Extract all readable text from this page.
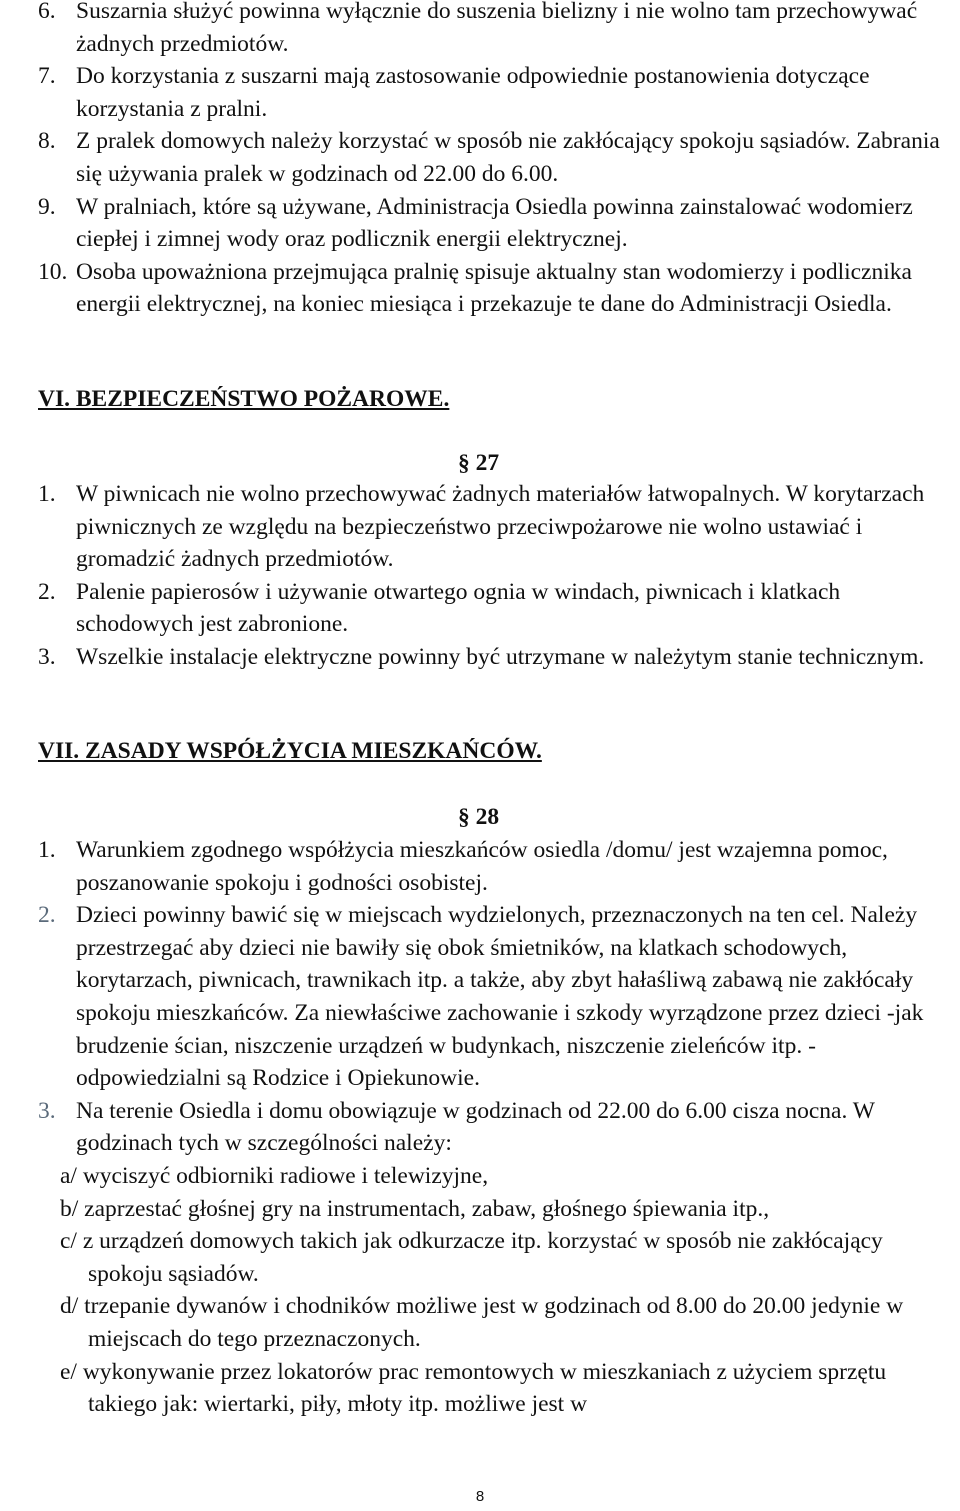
6. Suszarnia służyć powinna wyłącznie do suszenia bielizny i nie wolno tam przechowywać żadnych przedmiotów.
7. Do korzystania z suszarni mają zastosowanie odpowiednie postanowienia dotyczące korzystania z pralni.
8. Z pralek domowych należy korzystać w sposób nie zakłócający spokoju sąsiadów. Zabrania się używania pralek w godzinach od 22.00 do 6.00.
9. W pralniach, które są używane, Administracja Osiedla powinna zainstalować wodomierz ciepłej i zimnej wody oraz podlicznik energii elektrycznej.
10. Osoba upoważniona przejmująca pralnię spisuje aktualny stan wodomierzy i podlicznika energii elektrycznej, na koniec miesiąca i przekazuje te dane do Administracji Osiedla.
VI. BEZPIECZEŃSTWO POŻAROWE.
§ 27
1. W piwnicach nie wolno przechowywać żadnych materiałów łatwopalnych. W korytarzach piwnicznych ze względu na bezpieczeństwo przeciwpożarowe nie wolno ustawiać i gromadzić żadnych przedmiotów.
2. Palenie papierosów i używanie otwartego ognia w windach, piwnicach i klatkach schodowych jest zabronione.
3. Wszelkie instalacje elektryczne powinny być utrzymane w należytym stanie technicznym.
VII. ZASADY WSPÓŁŻYCIA MIESZKAŃCÓW.
§ 28
1. Warunkiem zgodnego współżycia mieszkańców osiedla /domu/ jest wzajemna pomoc, poszanowanie spokoju i godności osobistej.
2. Dzieci powinny bawić się w miejscach wydzielonych, przeznaczonych na ten cel. Należy przestrzegać aby dzieci nie bawiły się obok śmietników, na klatkach schodowych, korytarzach, piwnicach, trawnikach itp. a także, aby zbyt hałaśliwą zabawą nie zakłócały spokoju mieszkańców. Za niewłaściwe zachowanie i szkody wyrządzone przez dzieci -jak brudzenie ścian, niszczenie urządzeń w budynkach, niszczenie zieleńców itp. - odpowiedzialni są Rodzice i Opiekunowie.
3. Na terenie Osiedla i domu obowiązuje w godzinach od 22.00 do 6.00 cisza nocna. W godzinach tych w szczególności należy:
a/ wyciszyć odbiorniki radiowe i telewizyjne,
b/ zaprzestać głośnej gry na instrumentach, zabaw, głośnego śpiewania itp.,
c/ z urządzeń domowych takich jak odkurzacze itp. korzystać w sposób nie zakłócający spokoju sąsiadów.
d/ trzepanie dywanów i chodników możliwe jest w godzinach od 8.00 do 20.00 jedynie w miejscach do tego przeznaczonych.
e/ wykonywanie przez lokatorów prac remontowych w mieszkaniach z użyciem sprzętu takiego jak: wiertarki, piły, młoty itp. możliwe jest w
8
